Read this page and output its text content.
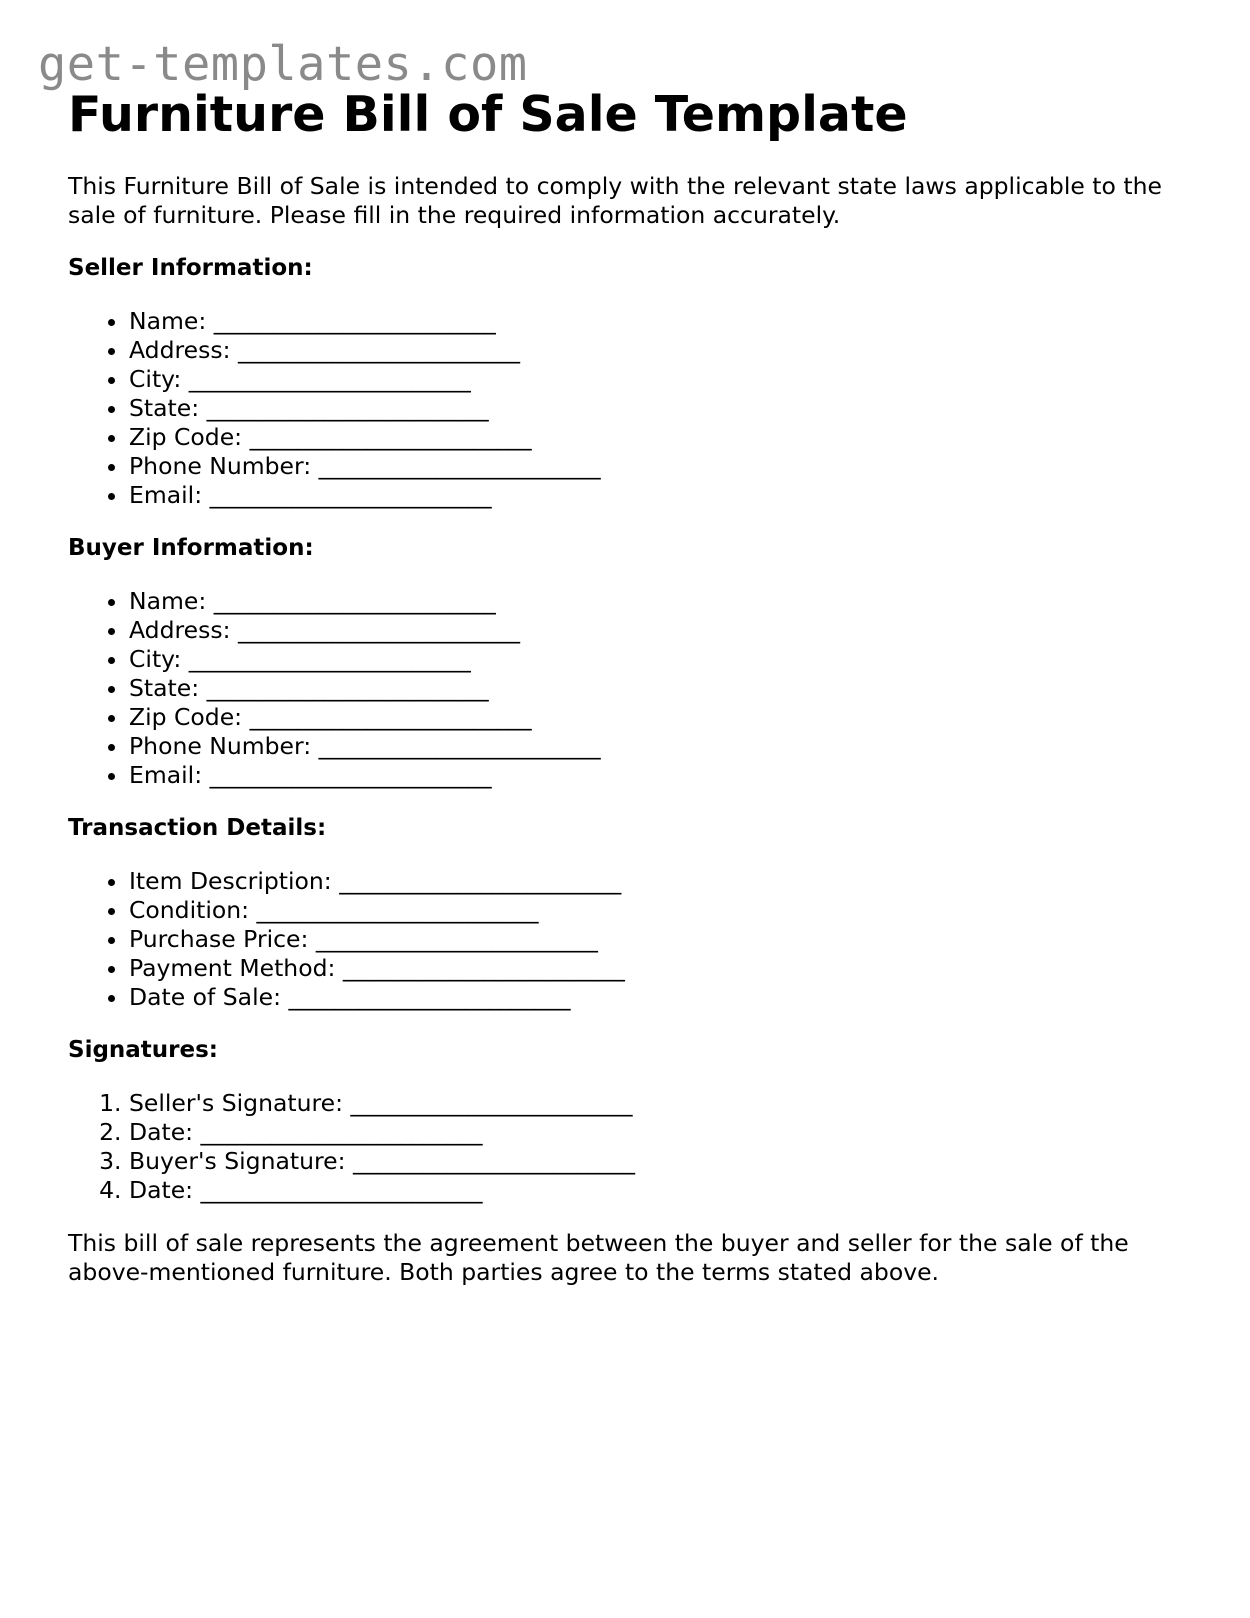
get-templates.com
Furniture Bill of Sale Template

This Furniture Bill of Sale is intended to comply with the relevant state laws applicable to the sale of furniture. Please fill in the required information accurately.

Seller Information:
• Name: ________________________
• Address: ________________________
• City: ________________________
• State: ________________________
• Zip Code: ________________________
• Phone Number: ________________________
• Email: ________________________
Buyer Information:
• Name: ________________________
• Address: ________________________
• City: ________________________
• State: ________________________
• Zip Code: ________________________
• Phone Number: ________________________
• Email: ________________________
Transaction Details:
• Item Description: ________________________
• Condition: ________________________
• Purchase Price: ________________________
• Payment Method: ________________________
• Date of Sale: ________________________
Signatures:
1. Seller's Signature: ________________________
2. Date: ________________________
3. Buyer's Signature: ________________________
4. Date: ________________________

This bill of sale represents the agreement between the buyer and seller for the sale of the above-mentioned furniture. Both parties agree to the terms stated above.
